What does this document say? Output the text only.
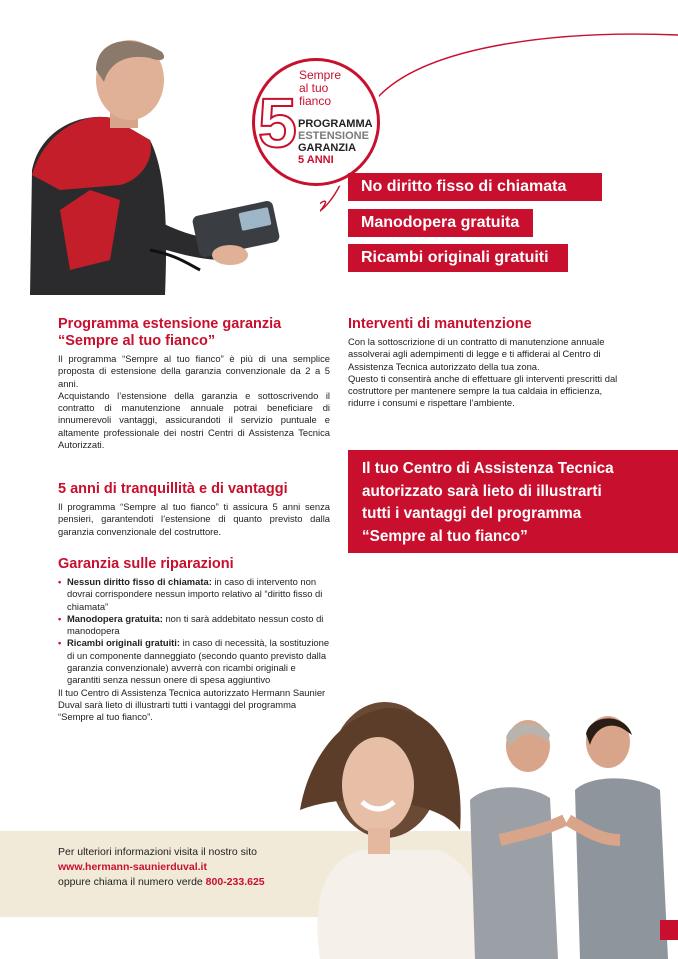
5
Sempre
al tuo
fianco
PROGRAMMA
ESTENSIONE
GARANZIA
5 ANNI
No diritto fisso di chiamata
Manodopera gratuita
Ricambi originali gratuiti
Programma estensione garanzia
“Sempre al tuo fianco”

Il programma “Sempre al tuo fianco” è più di una semplice proposta di estensione della garanzia convenzionale da 2 a 5 anni.

Acquistando l’estensione della garanzia e sottoscrivendo il contratto di manutenzione annuale potrai beneficiare di innumerevoli vantaggi, assicurandoti il servizio puntuale e altamente professionale dei nostri Centri di Assistenza Tecnica Autorizzati.

5 anni di tranquillità e di vantaggi

Il programma “Sempre al tuo fianco” ti assicura 5 anni senza pensieri, garantendoti l’estensione di quanto previsto dalla garanzia convenzionale del costruttore.

Garanzia sulle riparazioni
• Nessun diritto fisso di chiamata: in caso di intervento non dovrai corrispondere nessun importo relativo al “diritto fisso di chiamata”
• Manodopera gratuita: non ti sarà addebitato nessun costo di manodopera
• Ricambi originali gratuiti: in caso di necessità, la sostituzione di un componente danneggiato (secondo quanto previsto dalla garanzia convenzionale) avverrà con ricambi originali e garantiti senza nessun onere di spesa aggiuntivo

Il tuo Centro di Assistenza Tecnica autorizzato Hermann Saunier Duval sarà lieto di illustrarti tutti i vantaggi del programma “Sempre al tuo fianco”.

Interventi di manutenzione

Con la sottoscrizione di un contratto di manutenzione annuale assolverai agli adempimenti di legge e ti affiderai al Centro di Assistenza Tecnica autorizzato della tua zona.

Questo ti consentirà anche di effettuare gli interventi prescritti dal costruttore per mantenere sempre la tua caldaia in efficienza, ridurre i consumi e rispettare l’ambiente.

Il tuo Centro di Assistenza Tecnica
autorizzato sarà lieto di illustrarti
tutti i vantaggi del programma
“Sempre al tuo fianco”
Per ulteriori informazioni visita il nostro sito
www.hermann-saunierduval.it
oppure chiama il numero verde 800-233.625
